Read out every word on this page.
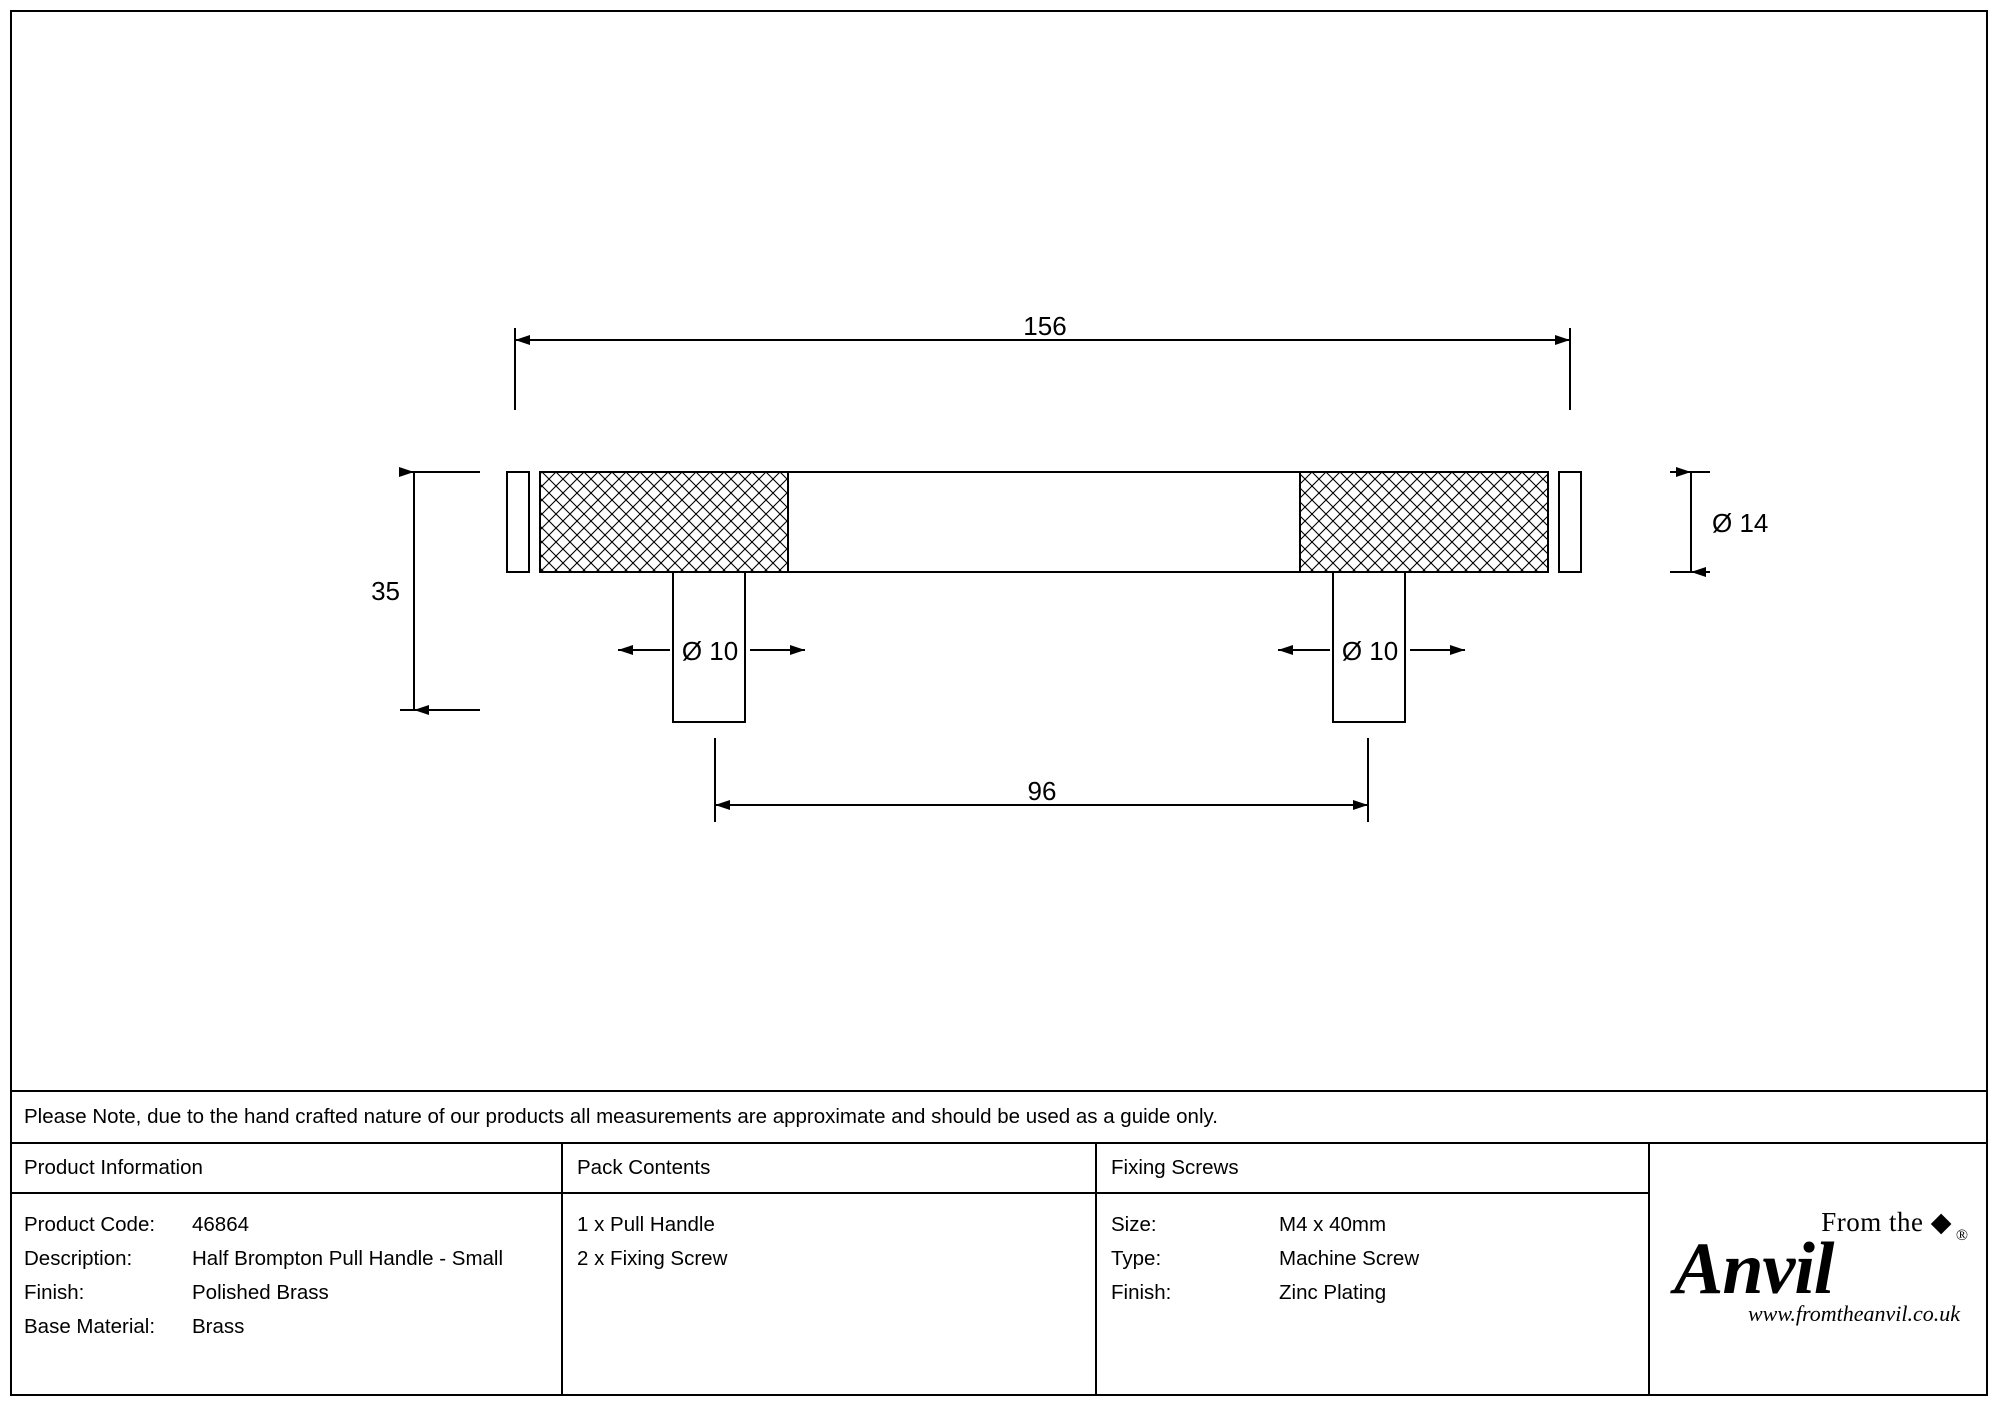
156
35
Ø 14
Ø 10	Ø 10
96
Please Note, due to the hand crafted nature of our products all measurements are approximate and should be used as a guide only.
Product Information
Product Code:	46864
Description:	Half Brompton Pull Handle - Small
Finish:	Polished Brass
Base Material:	Brass
Pack Contents
1 x Pull Handle
2 x Fixing Screw
Fixing Screws
Size:	M4 x 40mm
Type:	Machine Screw
Finish:	Zinc Plating
From the ◆ ®
Anvil
www.fromtheanvil.co.uk
